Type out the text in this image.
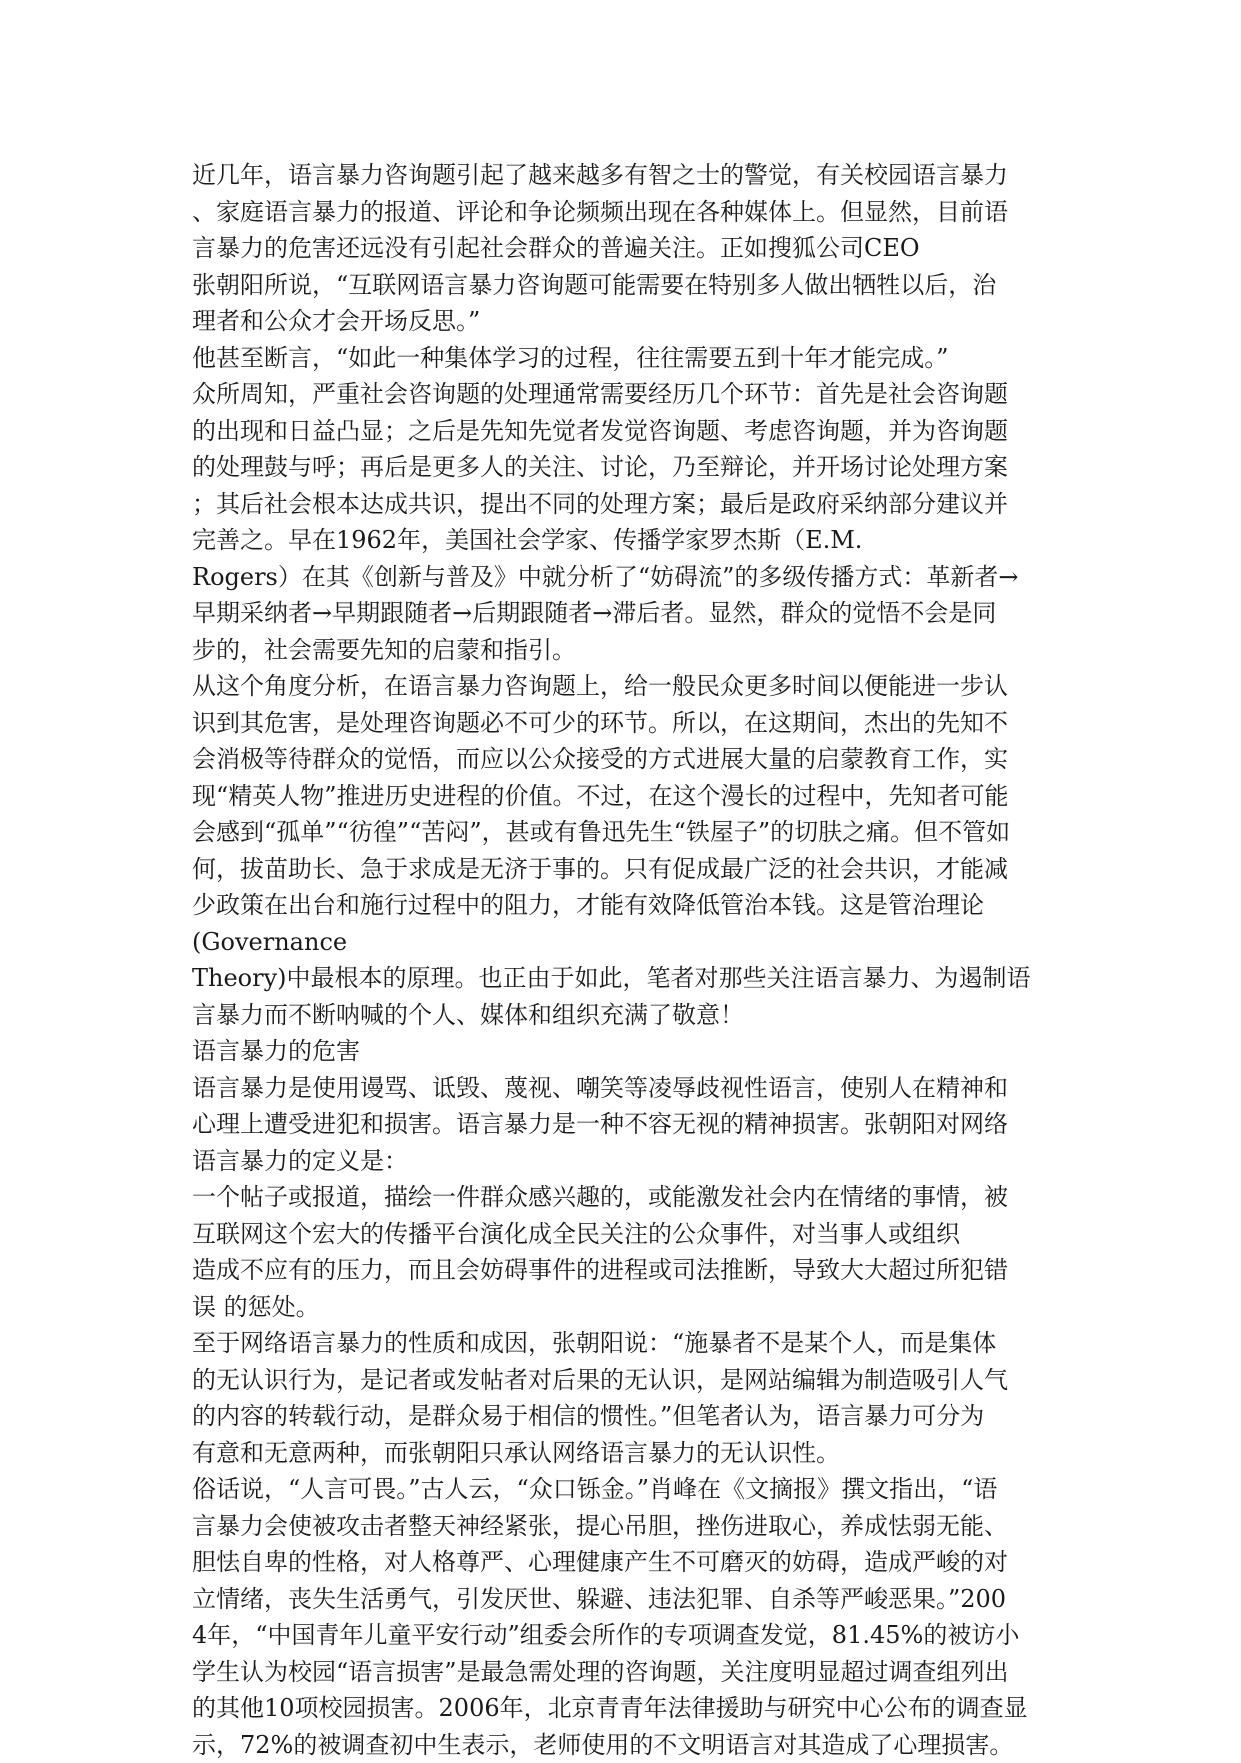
近几年，语言暴力咨询题引起了越来越多有智之士的警觉，有关校园语言暴力
、家庭语言暴力的报道、评论和争论频频出现在各种媒体上。但显然，目前语
言暴力的危害还远没有引起社会群众的普遍关注。正如搜狐公司CEO
张朝阳所说，“互联网语言暴力咨询题可能需要在特别多人做出牺牲以后，治
理者和公众才会开场反思。”
他甚至断言，“如此一种集体学习的过程，往往需要五到十年才能完成。”
众所周知，严重社会咨询题的处理通常需要经历几个环节：首先是社会咨询题
的出现和日益凸显；之后是先知先觉者发觉咨询题、考虑咨询题，并为咨询题
的处理鼓与呼；再后是更多人的关注、讨论，乃至辩论，并开场讨论处理方案
；其后社会根本达成共识，提出不同的处理方案；最后是政府采纳部分建议并
完善之。早在1962年，美国社会学家、传播学家罗杰斯（E.M.
Rogers）在其《创新与普及》中就分析了“妨碍流”的多级传播方式：革新者→
早期采纳者→早期跟随者→后期跟随者→滞后者。显然，群众的觉悟不会是同
步的，社会需要先知的启蒙和指引。
从这个角度分析，在语言暴力咨询题上，给一般民众更多时间以便能进一步认
识到其危害，是处理咨询题必不可少的环节。所以，在这期间，杰出的先知不
会消极等待群众的觉悟，而应以公众接受的方式进展大量的启蒙教育工作，实
现“精英人物”推进历史进程的价值。不过，在这个漫长的过程中，先知者可能
会感到“孤单”“彷徨”“苦闷”，甚或有鲁迅先生“铁屋子”的切肤之痛。但不管如
何，拔苗助长、急于求成是无济于事的。只有促成最广泛的社会共识，才能减
少政策在出台和施行过程中的阻力，才能有效降低管治本钱。这是管治理论
(Governance
Theory)中最根本的原理。也正由于如此，笔者对那些关注语言暴力、为遏制语
言暴力而不断呐喊的个人、媒体和组织充满了敬意！
语言暴力的危害
语言暴力是使用谩骂、诋毁、蔑视、嘲笑等凌辱歧视性语言，使别人在精神和
心理上遭受进犯和损害。语言暴力是一种不容无视的精神损害。张朝阳对网络
语言暴力的定义是：
一个帖子或报道，描绘一件群众感兴趣的，或能激发社会内在情绪的事情，被
互联网这个宏大的传播平台演化成全民关注的公众事件，对当事人或组织
造成不应有的压力，而且会妨碍事件的进程或司法推断，导致大大超过所犯错
误 的惩处。
至于网络语言暴力的性质和成因，张朝阳说：“施暴者不是某个人，而是集体
的无认识行为，是记者或发帖者对后果的无认识，是网站编辑为制造吸引人气
的内容的转载行动，是群众易于相信的惯性。”但笔者认为，语言暴力可分为
有意和无意两种，而张朝阳只承认网络语言暴力的无认识性。
俗话说，“人言可畏。”古人云，“众口铄金。”肖峰在《文摘报》撰文指出，“语
言暴力会使被攻击者整天神经紧张，提心吊胆，挫伤进取心，养成怯弱无能、
胆怯自卑的性格，对人格尊严、心理健康产生不可磨灭的妨碍，造成严峻的对
立情绪，丧失生活勇气，引发厌世、躲避、违法犯罪、自杀等严峻恶果。”200
4年，“中国青年儿童平安行动”组委会所作的专项调查发觉，81.45%的被访小
学生认为校园“语言损害”是最急需处理的咨询题，关注度明显超过调查组列出
的其他10项校园损害。2006年，北京青青年法律援助与研究中心公布的调查显
示，72%的被调查初中生表示，老师使用的不文明语言对其造成了心理损害。
